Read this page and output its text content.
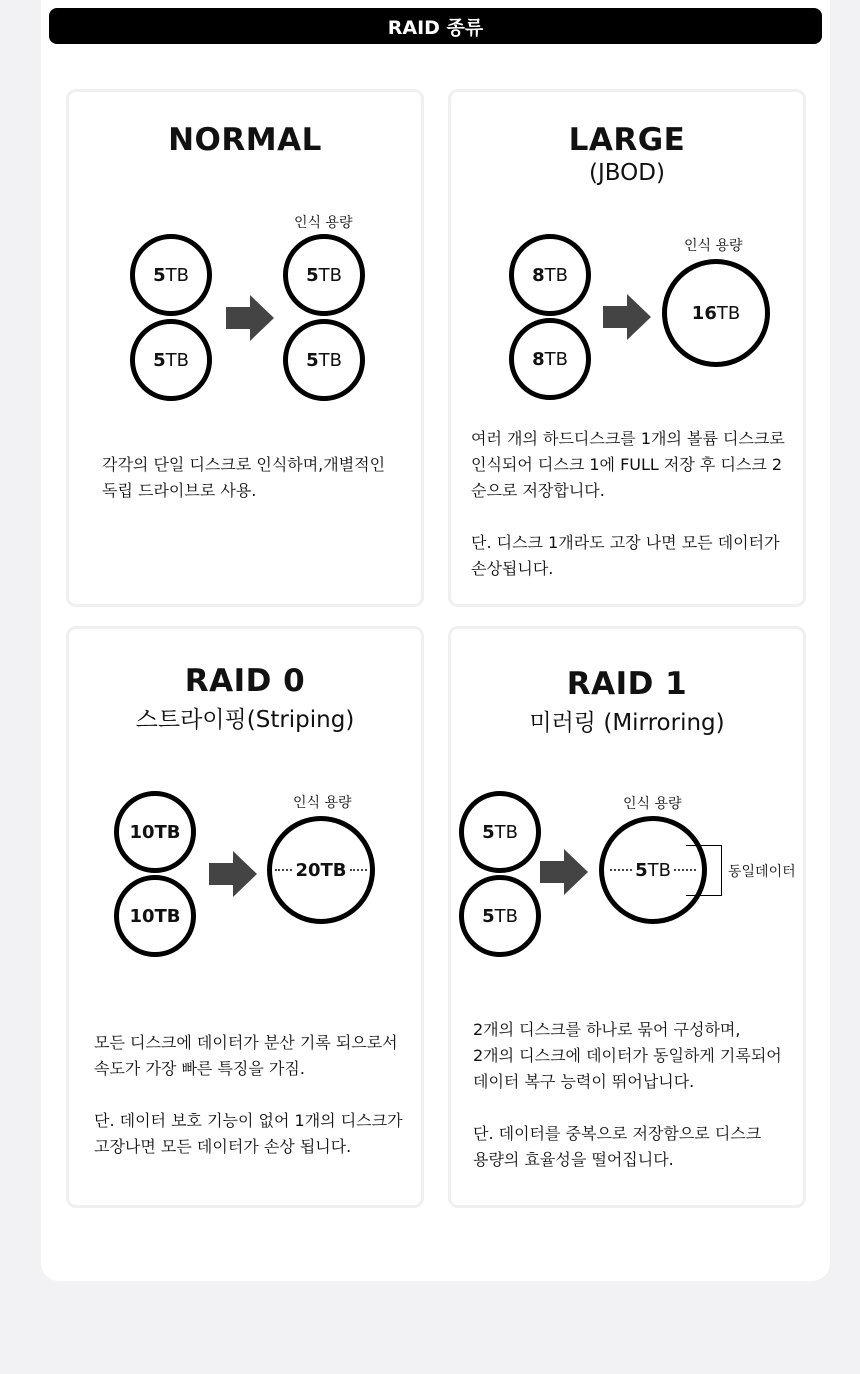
RAID 종류
NORMAL
인식 용량
5 TB
5 TB
5 TB
5 TB
각각의 단일 디스크로 인식하며,개별적인
독립 드라이브로 사용.
LARGE
(JBOD)
인식 용량
8 TB
8 TB
16 TB
여러 개의 하드디스크를 1개의 볼륨 디스크로
인식되어 디스크 1에 FULL 저장 후 디스크 2
순으로 저장합니다.

단. 디스크 1개라도 고장 나면 모든 데이터가
손상됩니다.
RAID 0
스트라이핑(Striping)
인식 용량
10 TB
10 TB
20 TB
모든 디스크에 데이터가 분산 기록 되으로서
속도가 가장 빠른 특징을 가짐.

단. 데이터 보호 기능이 없어 1개의 디스크가
고장나면 모든 데이터가 손상 됩니다.
RAID 1
미러링 (Mirroring)
인식 용량
5 TB
5 TB
5 TB	동일데이터
2개의 디스크를 하나로 묶어 구성하며,
2개의 디스크에 데이터가 동일하게 기록되어
데이터 복구 능력이 뛰어납니다.

단. 데이터를 중복으로 저장함으로 디스크
용량의 효율성을 떨어집니다.
